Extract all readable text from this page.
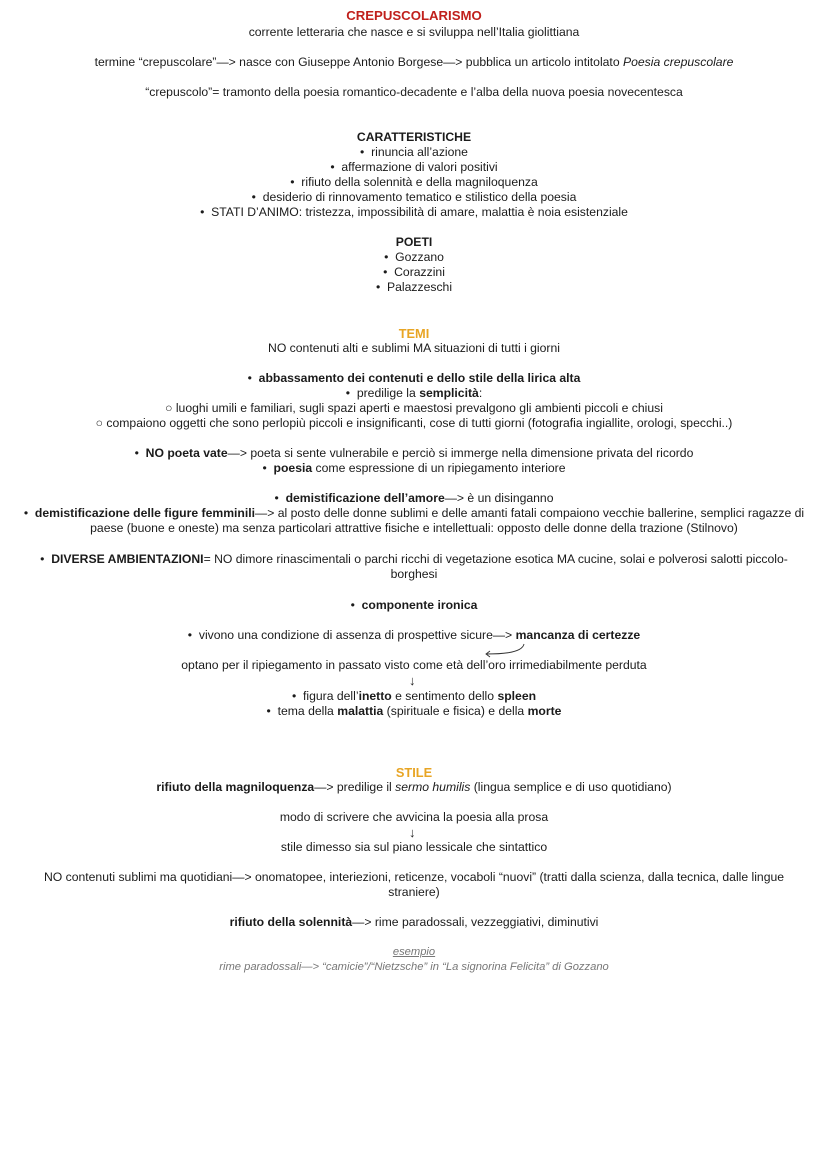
CREPUSCOLARISMO
corrente letteraria che nasce e si sviluppa nell’Italia giolittiana
termine “crepuscolare”—> nasce con Giuseppe Antonio Borgese—> pubblica un articolo intitolato Poesia crepuscolare
“crepuscolo”= tramonto della poesia romantico-decadente e l’alba della nuova poesia novecentesca
CARATTERISTICHE
• rinuncia all’azione
• affermazione di valori positivi
• rifiuto della solennità e della magniloquenza
• desiderio di rinnovamento tematico e stilistico della poesia
• STATI D’ANIMO: tristezza, impossibilità di amare, malattia è noia esistenziale
POETI
• Gozzano
• Corazzini
• Palazzeschi
TEMI
NO contenuti alti e sublimi MA situazioni di tutti i giorni
• abbassamento dei contenuti e dello stile della lirica alta
• predilige la semplicità:
○ luoghi umili e familiari, sugli spazi aperti e maestosi prevalgono gli ambienti piccoli e chiusi
○ compaiono oggetti che sono perlopiù piccoli e insignificanti, cose di tutti giorni (fotografia ingiallite, orologi, specchi..)
• NO poeta vate—> poeta si sente vulnerabile e perciò si immerge nella dimensione privata del ricordo
• poesia come espressione di un ripiegamento interiore
• demistificazione dell’amore—> è un disinganno
• demistificazione delle figure femminili—> al posto delle donne sublimi e delle amanti fatali compaiono vecchie ballerine, semplici ragazze di paese (buone e oneste) ma senza particolari attrattive fisiche e intellettuali: opposto delle donne della trazione (Stilnovo)
• DIVERSE AMBIENTAZIONI= NO dimore rinascimentali o parchi ricchi di vegetazione esotica MA cucine, solai e polverosi salotti piccolo-borghesi
• componente ironica
• vivono una condizione di assenza di prospettive sicure—> mancanza di certezze
optano per il ripiegamento in passato visto come età dell’oro irrimediabilmente perduta
↓
• figura dell’inetto e sentimento dello spleen
• tema della malattia (spirituale e fisica) e della morte
STILE
rifiuto della magniloquenza—> predilige il sermo humilis (lingua semplice e di uso quotidiano)
modo di scrivere che avvicina la poesia alla prosa
↓
stile dimesso sia sul piano lessicale che sintattico
NO contenuti sublimi ma quotidiani—> onomatopee, interiezioni, reticenze, vocaboli “nuovi” (tratti dalla scienza, dalla tecnica, dalle lingue straniere)
rifiuto della solennità—> rime paradossali, vezzeggiativi, diminutivi
esempio
rime paradossali—> “camicie”/“Nietzsche” in “La signorina Felicita” di Gozzano
